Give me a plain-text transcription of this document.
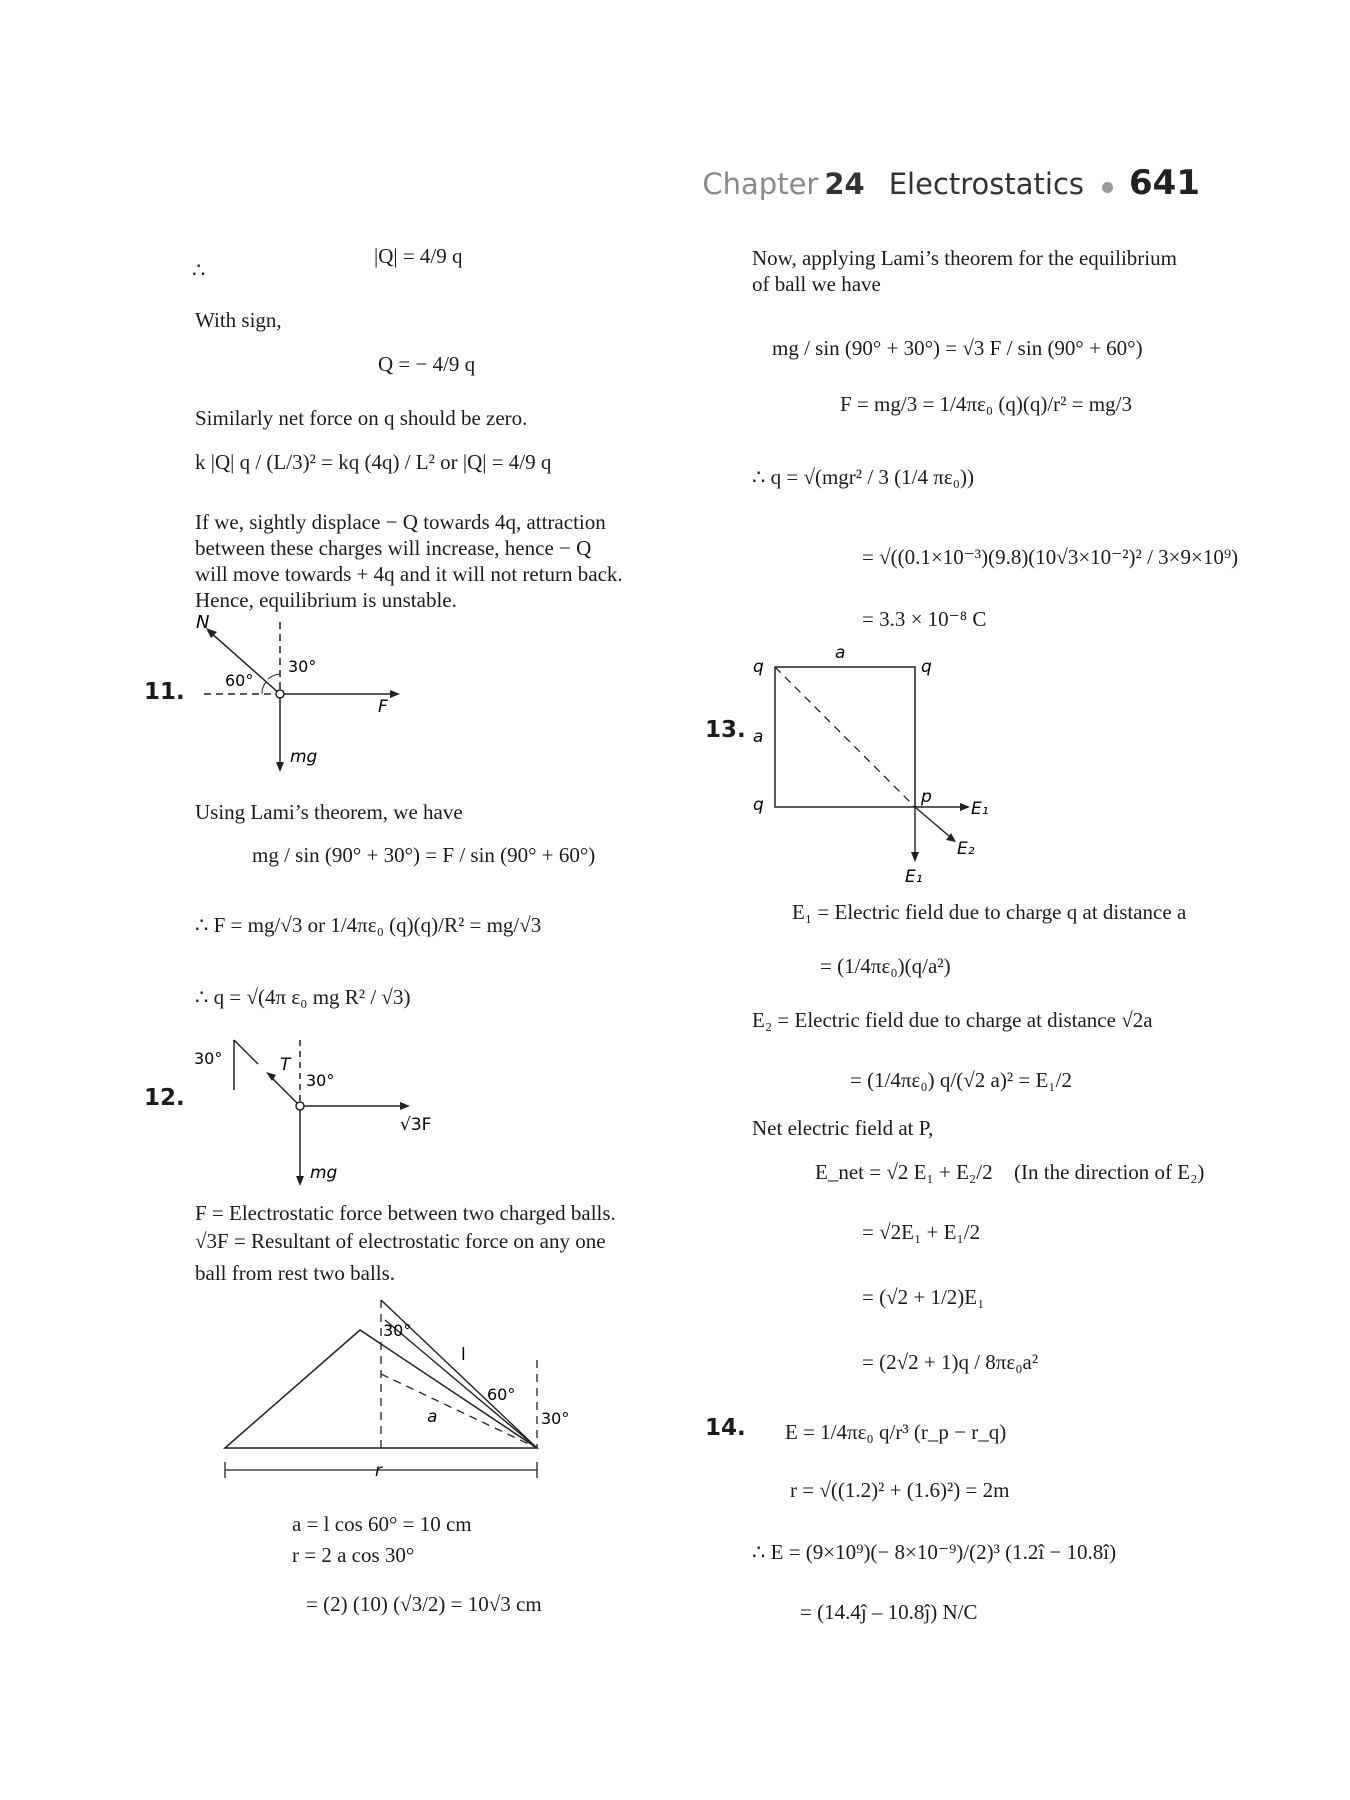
Chapter 24 Electrostatics 641
∴
|Q| = 4/9 q
With sign,
Q = − 4/9 q
Similarly net force on q should be zero.
k |Q| q / (L/3)² = kq (4q) / L² or |Q| = 4/9 q
If we, sightly displace − Q towards 4q, attraction
between these charges will increase, hence − Q
will move towards + 4q and it will not return back.
Hence, equilibrium is unstable.
11.
N
60°
30°
F
mg
Using Lami’s theorem, we have
mg / sin (90° + 30°) = F / sin (90° + 60°)
∴ F = mg/√3 or 1/4πε₀ (q)(q)/R² = mg/√3
∴ q = √(4π ε₀ mg R² / √3)
12.
30°	T
30°
√3F
mg
F = Electrostatic force between two charged balls.
√3F = Resultant of electrostatic force on any one
ball from rest two balls.
30°
l
60°
a	30°
r
a = l cos 60° = 10 cm
r = 2 a cos 30°
= (2) (10) (√3/2) = 10√3 cm
Now, applying Lami’s theorem for the equilibrium
of ball we have
mg / sin (90° + 30°) = √3 F / sin (90° + 60°)
F = mg/3 = 1/4πε₀ (q)(q)/r² = mg/3
∴ q = √(mgr² / 3 (1/4 πε₀))
= √((0.1×10⁻³)(9.8)(10√3×10⁻²)² / 3×9×10⁹)
= 3.3 × 10⁻⁸ C
13.
a
q	q
a
q	p
E₁
E₂
E₁
E₁ = Electric field due to charge q at distance a
= (1/4πε₀)(q/a²)
E₂ = Electric field due to charge at distance √2a
= (1/4πε₀) q/(√2 a)² = E₁/2
Net electric field at P,
E_net = √2 E₁ + E₂/2 (In the direction of E₂)
= √2E₁ + E₁/2
= (√2 + 1/2)E₁
= (2√2 + 1)q / 8πε₀a²
14. E = 1/4πε₀ q/r³ (r_p − r_q)
r = √((1.2)² + (1.6)²) = 2m
∴ E = (9×10⁹)(− 8×10⁻⁹)/(2)³ (1.2î − 10.8î)
= (14.4ĵ – 10.8ĵ) N/C
